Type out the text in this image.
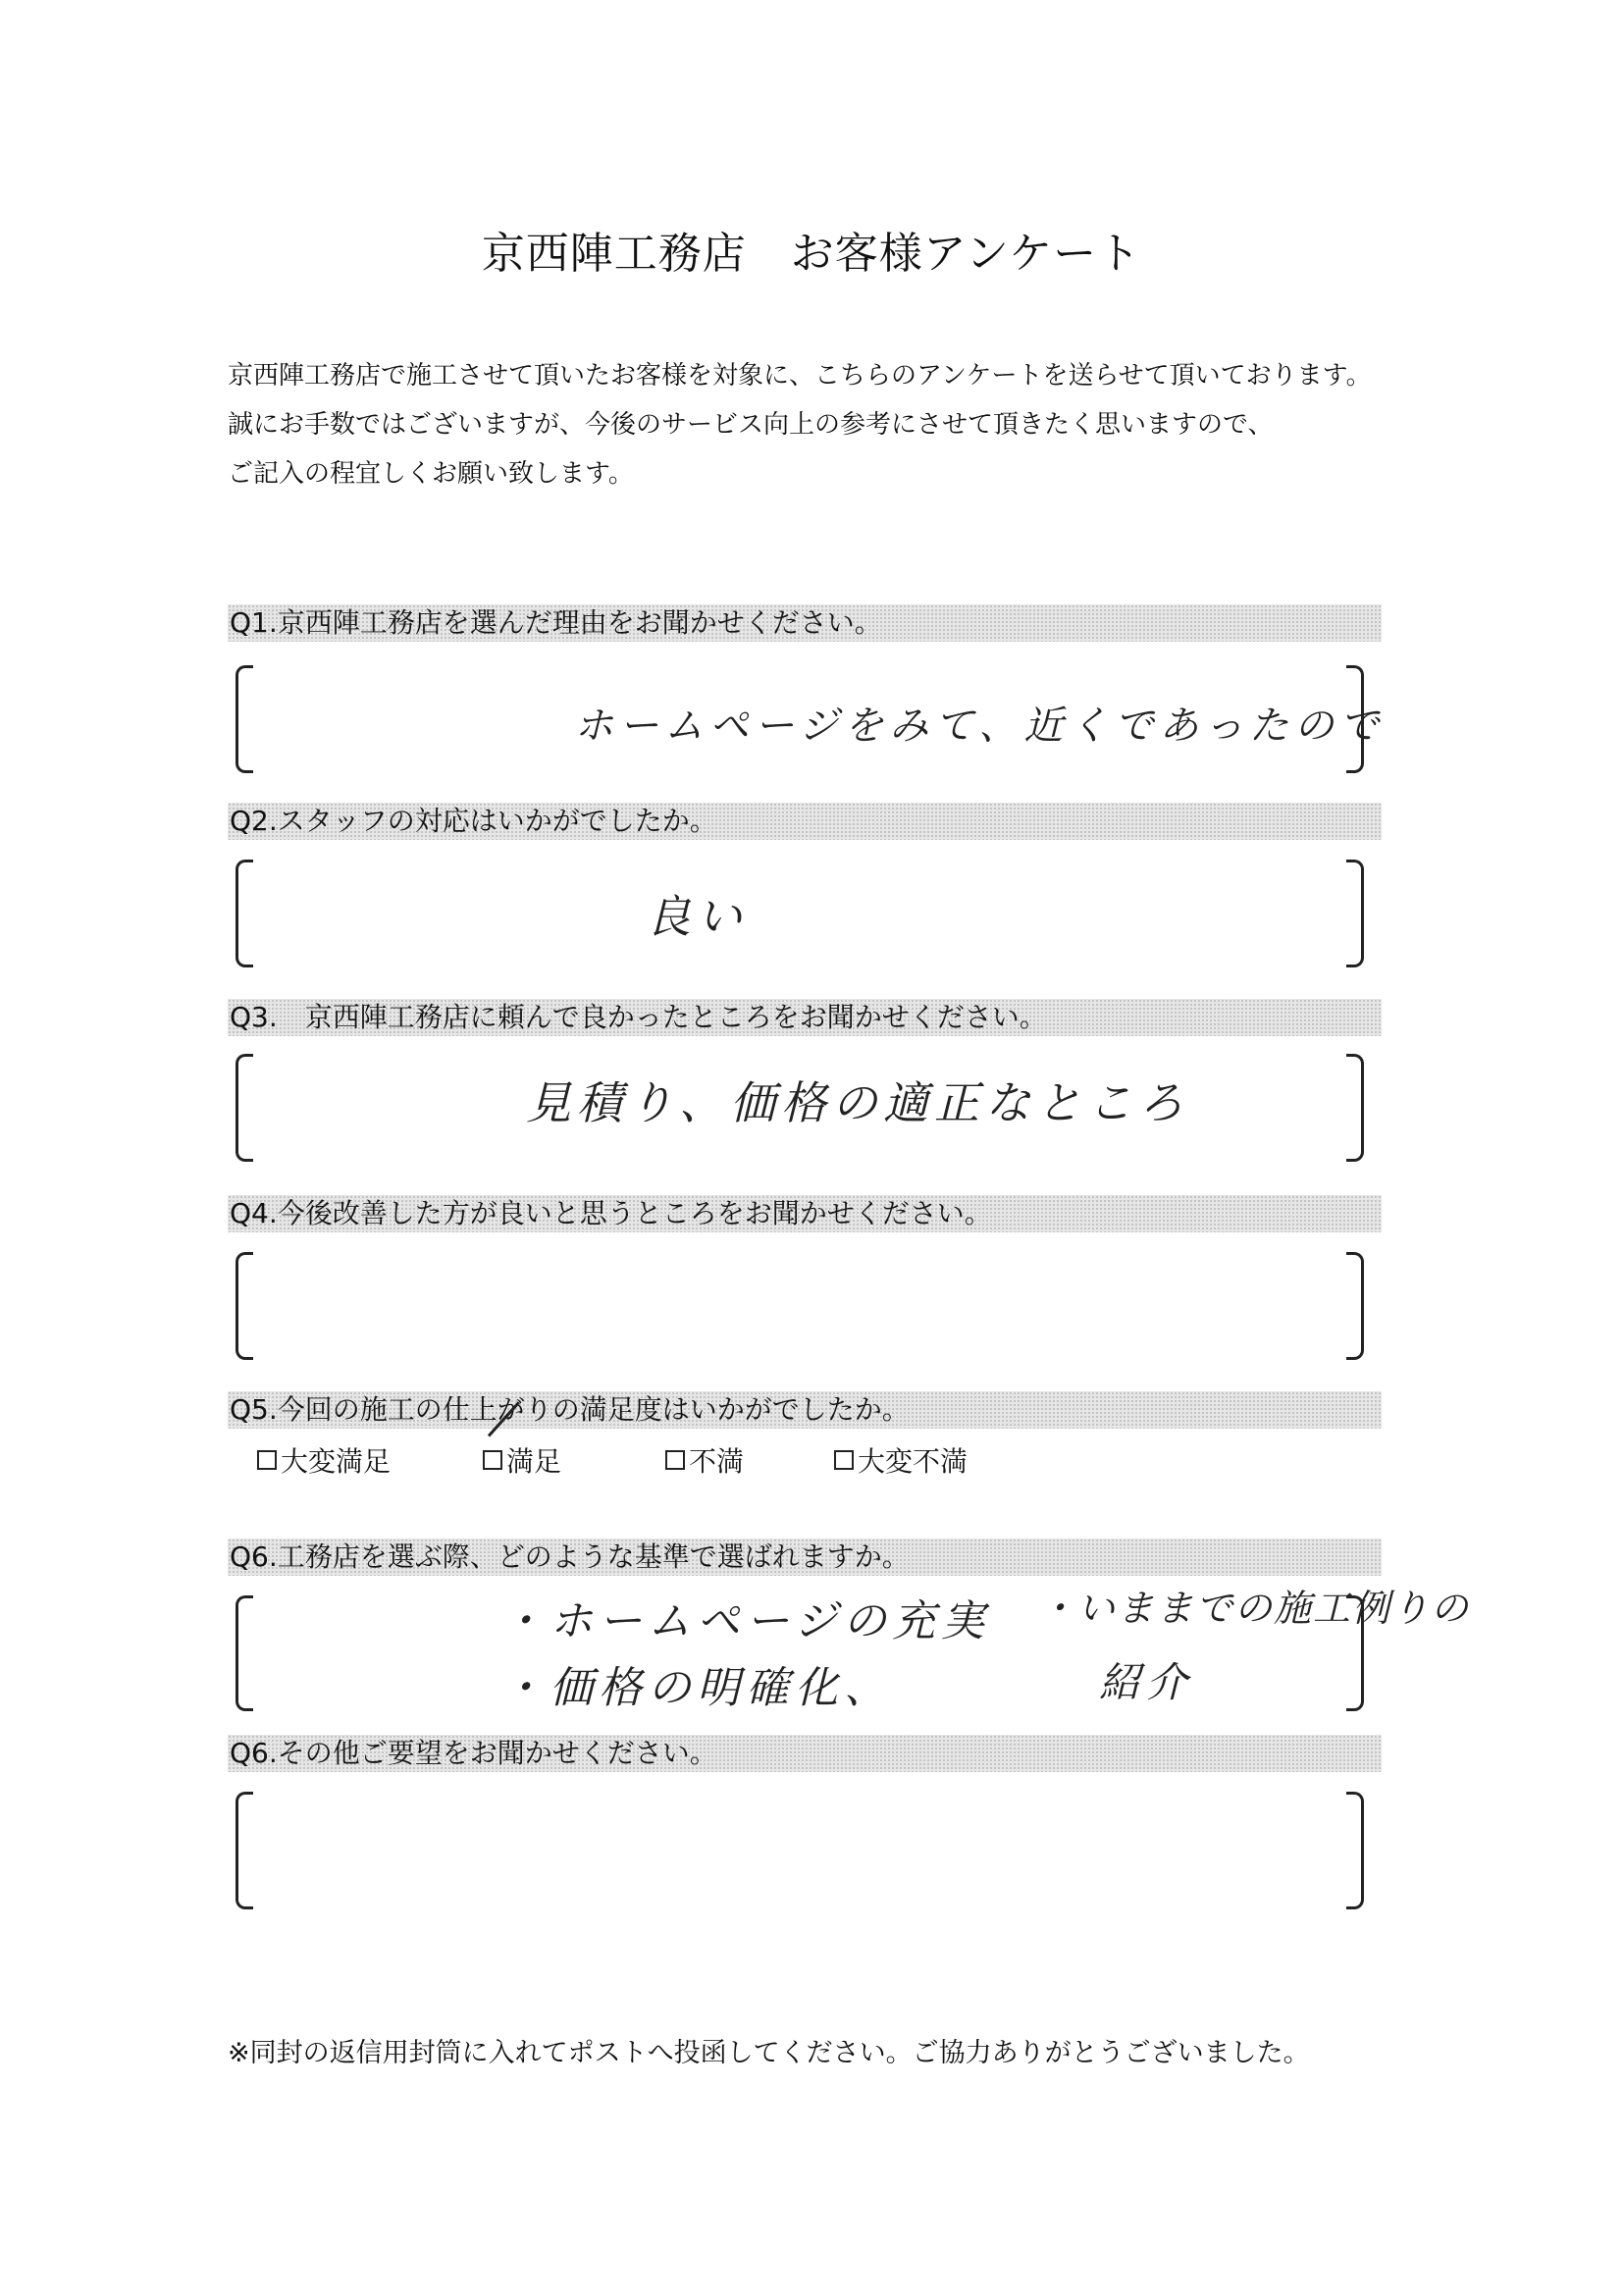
京西陣工務店　お客様アンケート
京西陣工務店で施工させて頂いたお客様を対象に、こちらのアンケートを送らせて頂いております。
誠にお手数ではございますが、今後のサービス向上の参考にさせて頂きたく思いますので、
ご記入の程宜しくお願い致します。
Q1.京西陣工務店を選んだ理由をお聞かせください。
ホームページをみて、近くであったので
Q2.スタッフの対応はいかがでしたか。
良い
Q3.　京西陣工務店に頼んで良かったところをお聞かせください。
見積り、価格の適正なところ
Q4.今後改善した方が良いと思うところをお聞かせください。
Q5.今回の施工の仕上がりの満足度はいかがでしたか。
大変満足	満足	不満	大変不満
Q6.工務店を選ぶ際、どのような基準で選ばれますか。
・ホームページの充実
・価格の明確化、
・いままでの施工例りの
紹介
Q6.その他ご要望をお聞かせください。
※同封の返信用封筒に入れてポストへ投函してください。ご協力ありがとうございました。
